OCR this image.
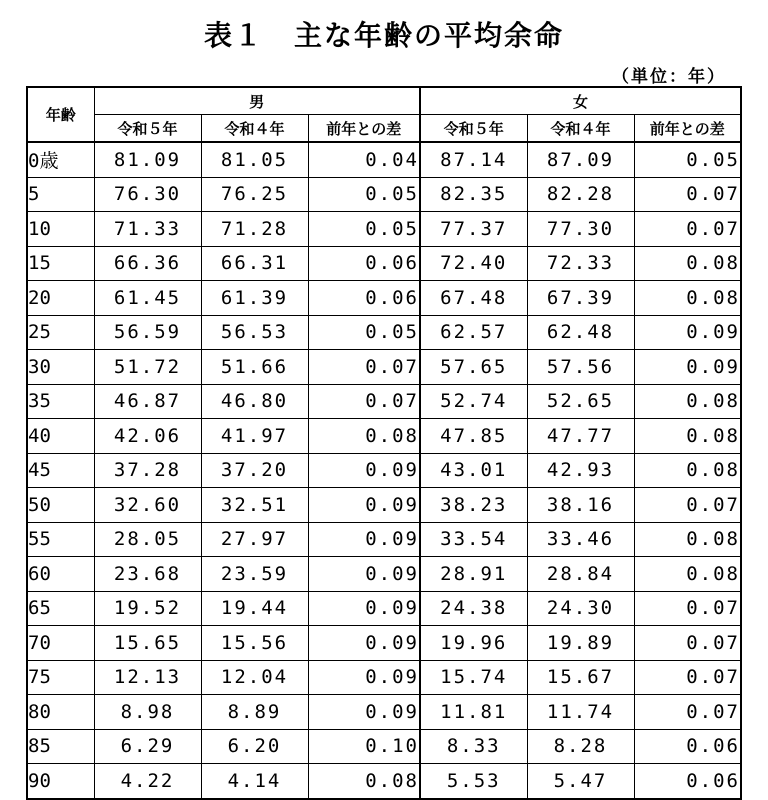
表１　主な年齢の平均余命
（単位：年）
年齢	男			女		
	令和５年	令和４年	前年との差	令和５年	令和４年	前年との差
0歳	81.09	81.05	0.04	87.14	87.09	0.05
5	76.30	76.25	0.05	82.35	82.28	0.07
10	71.33	71.28	0.05	77.37	77.30	0.07
15	66.36	66.31	0.06	72.40	72.33	0.08
20	61.45	61.39	0.06	67.48	67.39	0.08
25	56.59	56.53	0.05	62.57	62.48	0.09
30	51.72	51.66	0.07	57.65	57.56	0.09
35	46.87	46.80	0.07	52.74	52.65	0.08
40	42.06	41.97	0.08	47.85	47.77	0.08
45	37.28	37.20	0.09	43.01	42.93	0.08
50	32.60	32.51	0.09	38.23	38.16	0.07
55	28.05	27.97	0.09	33.54	33.46	0.08
60	23.68	23.59	0.09	28.91	28.84	0.08
65	19.52	19.44	0.09	24.38	24.30	0.07
70	15.65	15.56	0.09	19.96	19.89	0.07
75	12.13	12.04	0.09	15.74	15.67	0.07
80	8.98	8.89	0.09	11.81	11.74	0.07
85	6.29	6.20	0.10	8.33	8.28	0.06
90	4.22	4.14	0.08	5.53	5.47	0.06
